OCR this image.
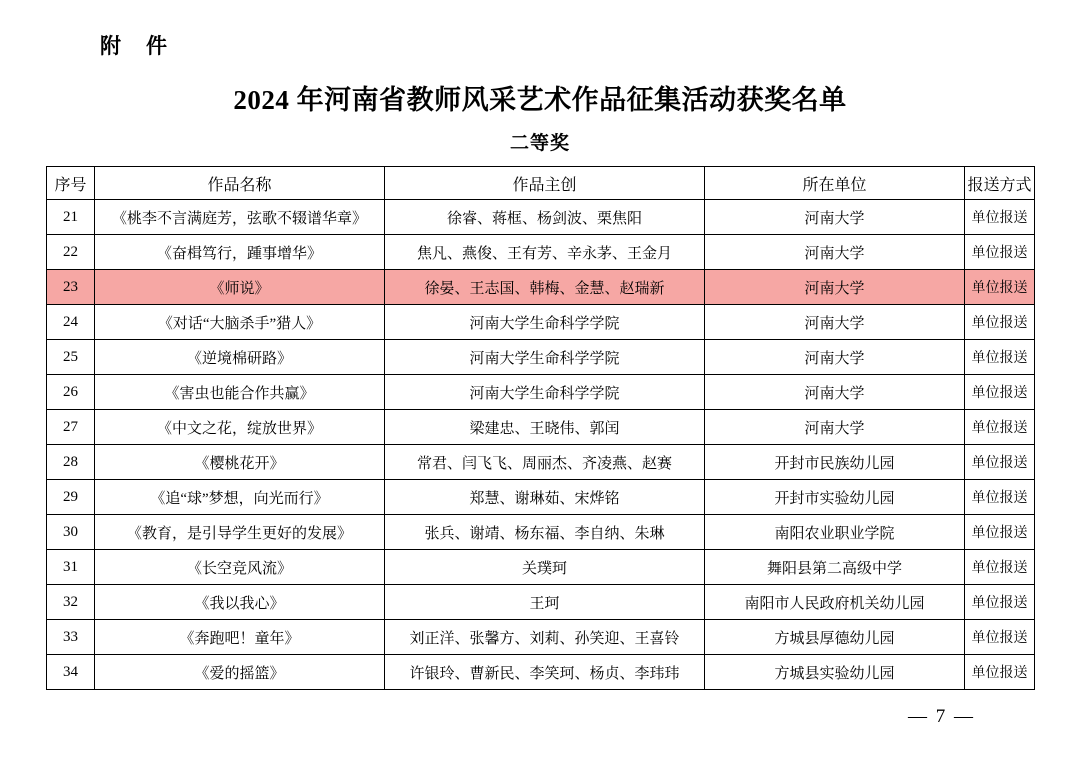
附　件
2024 年河南省教师风采艺术作品征集活动获奖名单
二等奖
序号	作品名称	作品主创	所在单位	报送方式
21	《桃李不言满庭芳，弦歌不辍谱华章》	徐睿、蒋框、杨剑波、栗焦阳	河南大学	单位报送
22	《奋楫笃行，踵事增华》	焦凡、燕俊、王有芳、辛永茅、王金月	河南大学	单位报送
23	《师说》	徐晏、王志国、韩梅、金慧、赵瑞新	河南大学	单位报送
24	《对话“大脑杀手”猎人》	河南大学生命科学学院	河南大学	单位报送
25	《逆境棉研路》	河南大学生命科学学院	河南大学	单位报送
26	《害虫也能合作共赢》	河南大学生命科学学院	河南大学	单位报送
27	《中文之花，绽放世界》	梁建忠、王晓伟、郭闰	河南大学	单位报送
28	《樱桃花开》	常君、闫飞飞、周丽杰、齐凌燕、赵赛	开封市民族幼儿园	单位报送
29	《追“球”梦想，向光而行》	郑慧、谢琳茹、宋烨铭	开封市实验幼儿园	单位报送
30	《教育，是引导学生更好的发展》	张兵、谢靖、杨东福、李自纳、朱琳	南阳农业职业学院	单位报送
31	《长空竞风流》	关璞珂	舞阳县第二高级中学	单位报送
32	《我以我心》	王珂	南阳市人民政府机关幼儿园	单位报送
33	《奔跑吧！童年》	刘正洋、张馨方、刘莉、孙笑迎、王喜铃	方城县厚德幼儿园	单位报送
34	《爱的摇篮》	许银玲、曹新民、李笑珂、杨贞、李玮玮	方城县实验幼儿园	单位报送
— 7 —
